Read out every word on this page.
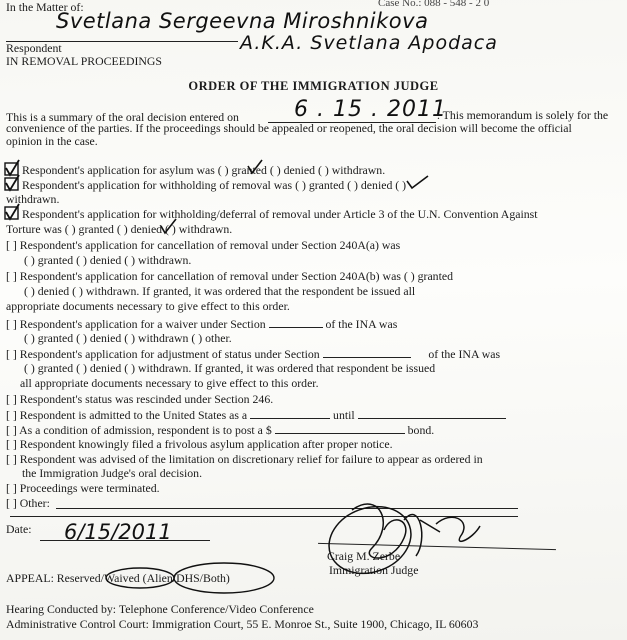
In the Matter of:	Case No.: 088 - 548 - 2 0
Svetlana Sergeevna Miroshnikova
A.K.A. Svetlana Apodaca
Respondent
IN REMOVAL PROCEEDINGS
ORDER OF THE IMMIGRATION JUDGE
This is a summary of the oral decision entered on	6 . 15 . 2011
. This memorandum is solely for the
convenience of the parties. If the proceedings should be appealed or reopened, the oral decision will become the official
opinion in the case.
Respondent's application for asylum was ( ) granted ( ) denied ( ) withdrawn.
Respondent's application for withholding of removal was ( ) granted ( ) denied ( )
withdrawn.
Respondent's application for withholding/deferral of removal under Article 3 of the U.N. Convention Against
Torture was ( ) granted ( ) denied ( ) withdrawn.
[ ] Respondent's application for cancellation of removal under Section 240A(a) was
( ) granted ( ) denied ( ) withdrawn.
[ ] Respondent's application for cancellation of removal under Section 240A(b) was ( ) granted
( ) denied ( ) withdrawn. If granted, it was ordered that the respondent be issued all
appropriate documents necessary to give effect to this order.
[ ] Respondent's application for a waiver under Section	of the INA was
( ) granted ( ) denied ( ) withdrawn ( ) other.
[ ] Respondent's application for adjustment of status under Section	of the INA was
( ) granted ( ) denied ( ) withdrawn. If granted, it was ordered that respondent be issued
all appropriate documents necessary to give effect to this order.
[ ] Respondent's status was rescinded under Section 246.
[ ] Respondent is admitted to the United States as a	until
[ ] As a condition of admission, respondent is to post a $	bond.
[ ] Respondent knowingly filed a frivolous asylum application after proper notice.
[ ] Respondent was advised of the limitation on discretionary relief for failure to appear as ordered in
the Immigration Judge's oral decision.
[ ] Proceedings were terminated.
[ ] Other:
Date: 6/15/2011
Craig M. Zerbe
Immigration Judge
APPEAL: Reserved/Waived (Alien/DHS/Both)
Hearing Conducted by: Telephone Conference/Video Conference
Administrative Control Court: Immigration Court, 55 E. Monroe St., Suite 1900, Chicago, IL 60603
